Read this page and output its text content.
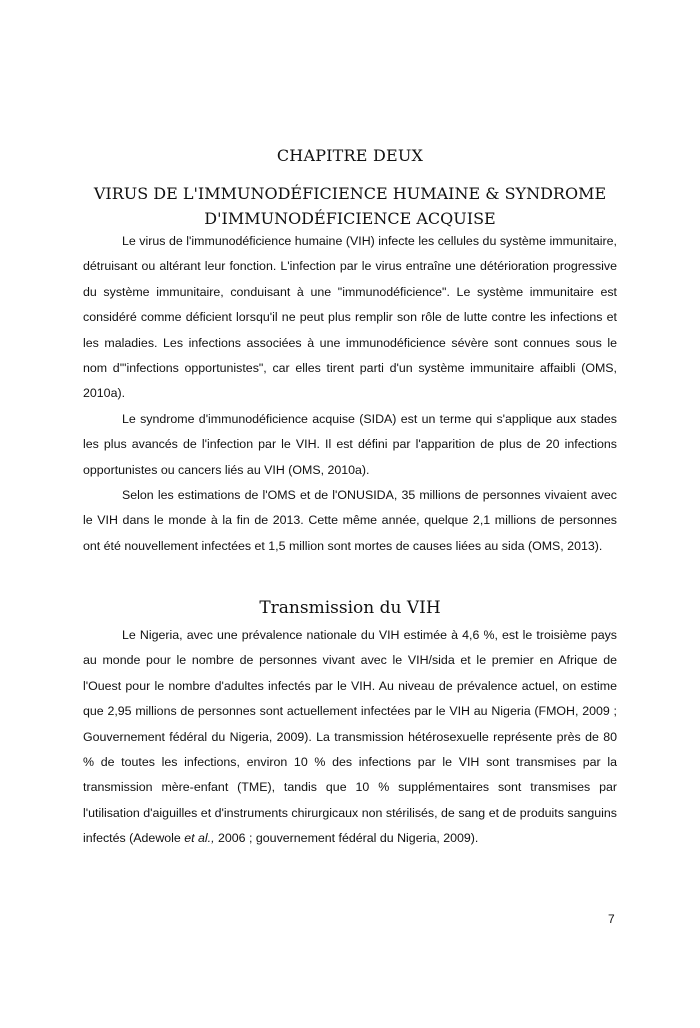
CHAPITRE DEUX
VIRUS DE L'IMMUNODÉFICIENCE HUMAINE & SYNDROME D'IMMUNODÉFICIENCE ACQUISE

Le virus de l'immunodéficience humaine (VIH) infecte les cellules du système immunitaire, détruisant ou altérant leur fonction. L'infection par le virus entraîne une détérioration progressive du système immunitaire, conduisant à une "immunodéficience". Le système immunitaire est considéré comme déficient lorsqu'il ne peut plus remplir son rôle de lutte contre les infections et les maladies. Les infections associées à une immunodéficience sévère sont connues sous le nom d'"infections opportunistes", car elles tirent parti d'un système immunitaire affaibli (OMS, 2010a).

Le syndrome d'immunodéficience acquise (SIDA) est un terme qui s'applique aux stades les plus avancés de l'infection par le VIH. Il est défini par l'apparition de plus de 20 infections opportunistes ou cancers liés au VIH (OMS, 2010a).

Selon les estimations de l'OMS et de l'ONUSIDA, 35 millions de personnes vivaient avec le VIH dans le monde à la fin de 2013. Cette même année, quelque 2,1 millions de personnes ont été nouvellement infectées et 1,5 million sont mortes de causes liées au sida (OMS, 2013).

Transmission du VIH

Le Nigeria, avec une prévalence nationale du VIH estimée à 4,6 %, est le troisième pays au monde pour le nombre de personnes vivant avec le VIH/sida et le premier en Afrique de l'Ouest pour le nombre d'adultes infectés par le VIH. Au niveau de prévalence actuel, on estime que 2,95 millions de personnes sont actuellement infectées par le VIH au Nigeria (FMOH, 2009 ; Gouvernement fédéral du Nigeria, 2009). La transmission hétérosexuelle représente près de 80 % de toutes les infections, environ 10 % des infections par le VIH sont transmises par la transmission mère-enfant (TME), tandis que 10 % supplémentaires sont transmises par l'utilisation d'aiguilles et d'instruments chirurgicaux non stérilisés, de sang et de produits sanguins infectés (Adewole et al., 2006 ; gouvernement fédéral du Nigeria, 2009).

7
